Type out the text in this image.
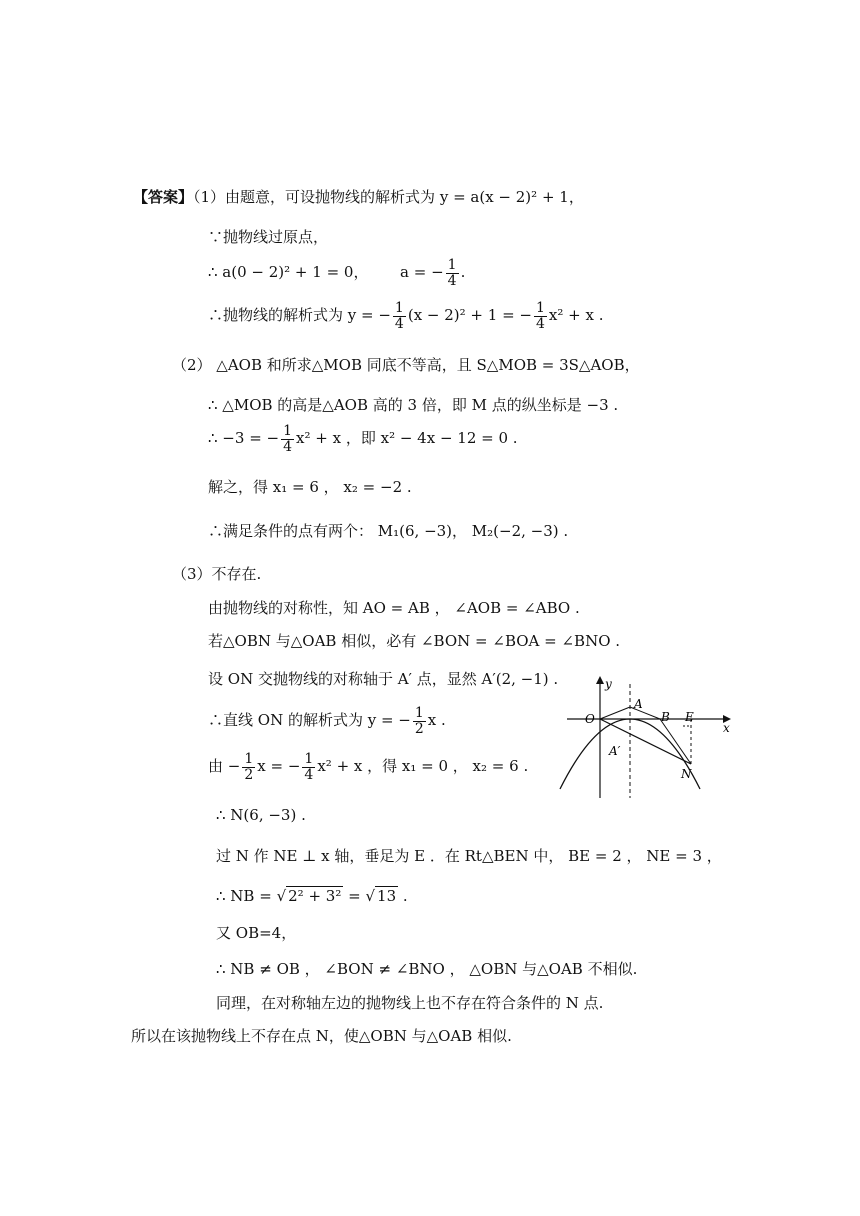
【答案】（1）由题意，可设抛物线的解析式为 y = a(x − 2)² + 1，
∵抛物线过原点，
∴ a(0 − 2)² + 1 = 0， a = − $\frac{1}{4}$ .
∴抛物线的解析式为 y = − $\frac{1}{4} (x - 2)^2 + 1$ = − $\frac{1}{4} x^2 + x$ .
（2） △AOB 和所求△MOB 同底不等高，且 S△MOB = 3S△AOB，
∴ △MOB 的高是△AOB 高的 3 倍，即 M 点的纵坐标是 −3 .
∴ −3 = − $\frac{1}{4} x^2 + x$ ，即 x² − 4x − 12 = 0 .
解之，得 x₁ = 6 ， x₂ = −2 .
∴满足条件的点有两个： M₁(6, −3)， M₂(−2, −3) .
（3）不存在.
由抛物线的对称性，知 AO = AB ， ∠AOB = ∠ABO .
若△OBN 与△OAB 相似，必有 ∠BON = ∠BOA = ∠BNO .
设 ON 交抛物线的对称轴于 A′ 点，显然 A′(2, −1) .
∴直线 ON 的解析式为 y = − $\frac{1}{2}$ x .
由 − $\frac{1}{2}$ x = − $\frac{1}{4} x^2 + x$ ，得 x₁ = 0 ， x₂ = 6 .
∴ N(6, −3) .
过 N 作 NE ⊥ x 轴，垂足为 E ．在 Rt△BEN 中， BE = 2 ， NE = 3 ，
∴ NB = √ 2² + 3² = √ 13 .
又 OB=4，
∴ NB ≠ OB ， ∠BON ≠ ∠BNO ， △OBN 与△OAB 不相似.
同理，在对称轴左边的抛物线上也不存在符合条件的 N 点.
所以在该抛物线上不存在点 N，使△OBN 与△OAB 相似.
y
x
O
A
B E
A′
N
